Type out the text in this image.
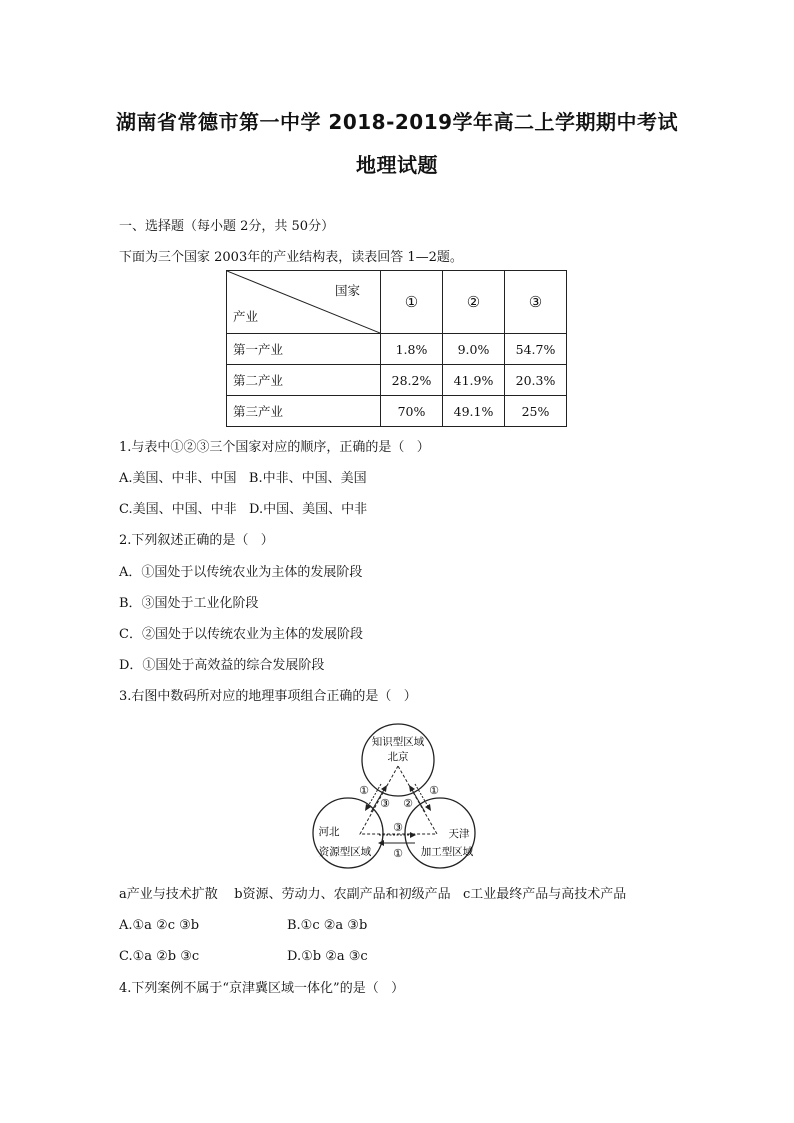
湖南省常德市第一中学 2018-2019学年高二上学期期中考试
地理试题
一、选择题（每小题 2分，共 50分）
下面为三个国家 2003年的产业结构表，读表回答 1—2题。
国家
产业	①	②	③
第一产业	1.8%	9.0%	54.7%
第二产业	28.2%	41.9%	20.3%
第三产业	70%	49.1%	25%
1.与表中①②③三个国家对应的顺序，正确的是（   ）
A.美国、中非、中国   B.中非、中国、美国
C.美国、中国、中非   D.中国、美国、中非
2.下列叙述正确的是（   ）
A．①国处于以传统农业为主体的发展阶段
B．③国处于工业化阶段
C．②国处于以传统农业为主体的发展阶段
D．①国处于高效益的综合发展阶段
3.右图中数码所对应的地理事项组合正确的是（   ）
知识型区域
北京
河北
资源型区域
天津
加工型区域
①
③ ②
①
③
①
a产业与技术扩散    b资源、劳动力、农副产品和初级产品   c工业最终产品与高技术产品
A.①a ②c ③b	B.①c ②a ③b
C.①a ②b ③c	D.①b ②a ③c
4.下列案例不属于“京津冀区域一体化”的是（   ）
